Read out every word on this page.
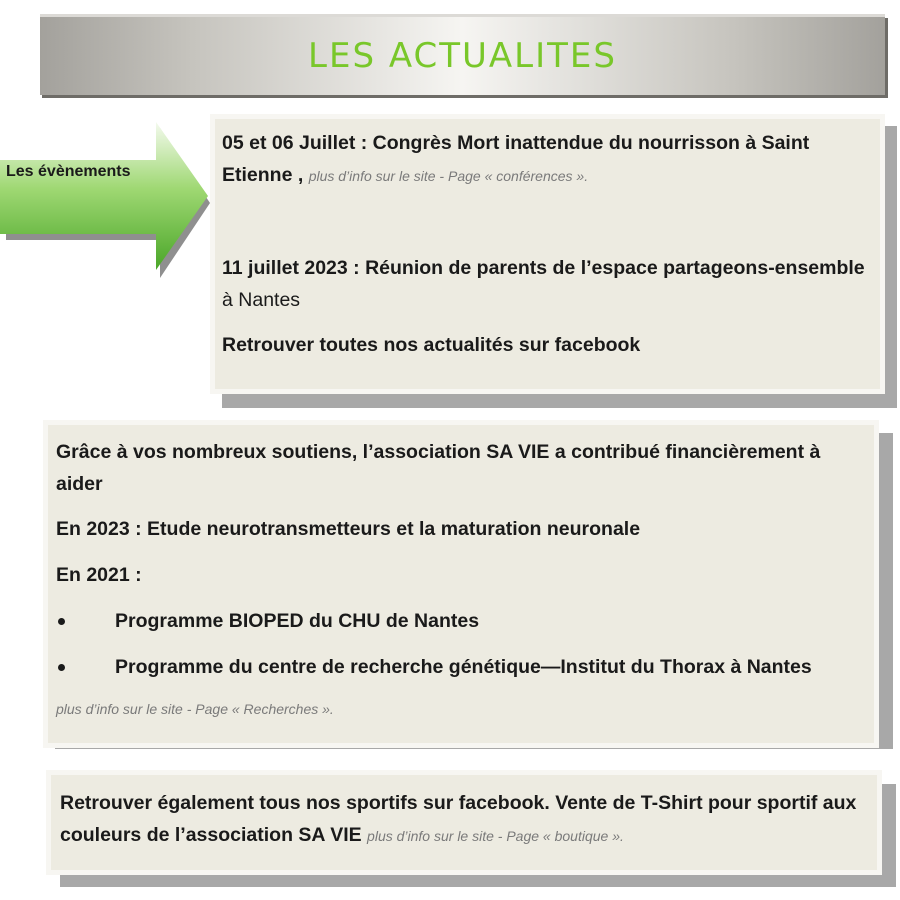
LES ACTUALITES
Les évènements

05 et 06 Juillet : Congrès Mort inattendue du nourrisson à Saint Etienne , plus d’info sur le site - Page « conférences ».

11 juillet 2023 : Réunion de parents de l’espace partageons-ensemble à Nantes

Retrouver toutes nos actualités sur facebook

Grâce à vos nombreux soutiens, l’association SA VIE a contribué financièrement à aider

En 2023 : Etude neurotransmetteurs et la maturation neuronale

En 2021 :

Programme BIOPED du CHU de Nantes
Programme du centre de recherche génétique—Institut du Thorax à Nantes

plus d’info sur le site - Page « Recherches ».

Retrouver également tous nos sportifs sur facebook. Vente de T-Shirt pour sportif aux couleurs de l’association SA VIE plus d’info sur le site - Page « boutique ».
